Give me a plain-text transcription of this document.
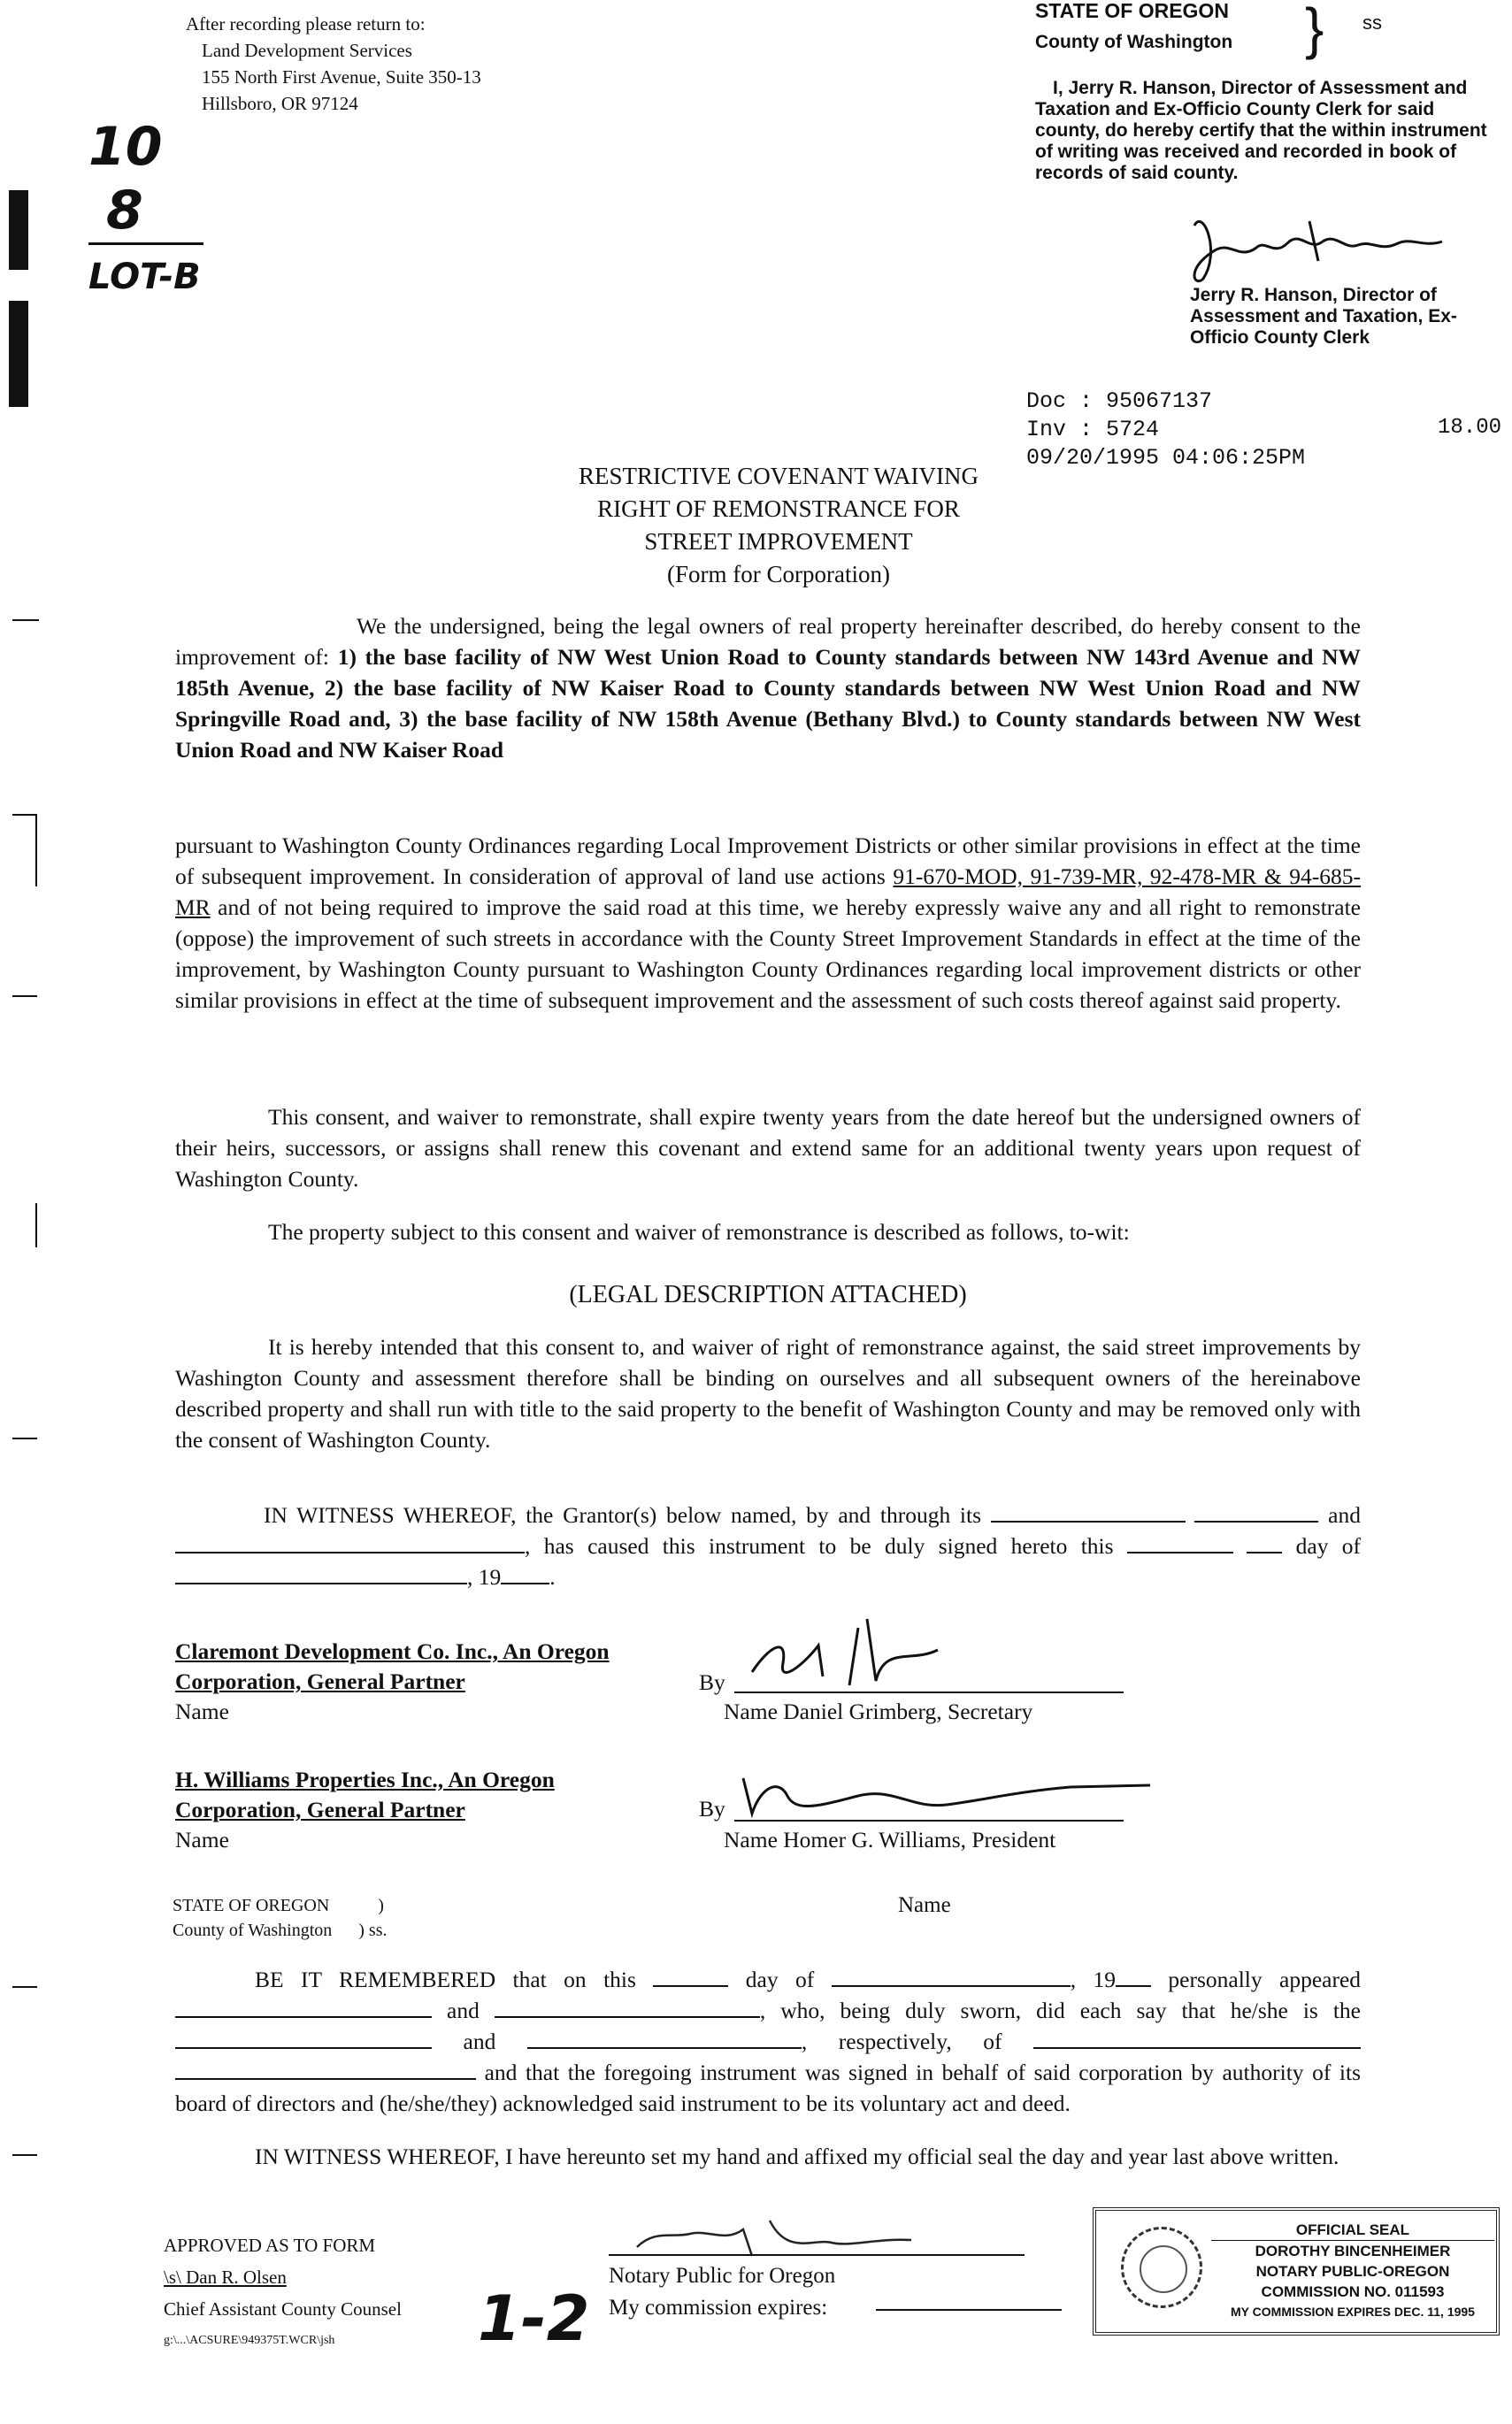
After recording please return to:
Land Development Services
155 North First Avenue, Suite 350-13
Hillsboro, OR 97124
10
8
LOT-B
STATE OF OREGON
County of Washington	} ss
I, Jerry R. Hanson, Director of Assessment and Taxation and Ex-Officio County Clerk for said county, do hereby certify that the within instrument of writing was received and recorded in book of records of said county.
Jerry R. Hanson, Director of Assessment and Taxation, Ex-Officio County Clerk
Doc : 95067137
Inv : 5724
09/20/1995 04:06:25PM
18.00
RESTRICTIVE COVENANT WAIVING
RIGHT OF REMONSTRANCE FOR
STREET IMPROVEMENT
(Form for Corporation)
We the undersigned, being the legal owners of real property hereinafter described, do hereby consent to the improvement of: 1) the base facility of NW West Union Road to County standards between NW 143rd Avenue and NW 185th Avenue, 2) the base facility of NW Kaiser Road to County standards between NW West Union Road and NW Springville Road and, 3) the base facility of NW 158th Avenue (Bethany Blvd.) to County standards between NW West Union Road and NW Kaiser Road
pursuant to Washington County Ordinances regarding Local Improvement Districts or other similar provisions in effect at the time of subsequent improvement. In consideration of approval of land use actions 91-670-MOD, 91-739-MR, 92-478-MR & 94-685-MR and of not being required to improve the said road at this time, we hereby expressly waive any and all right to remonstrate (oppose) the improvement of such streets in accordance with the County Street Improvement Standards in effect at the time of the improvement, by Washington County pursuant to Washington County Ordinances regarding local improvement districts or other similar provisions in effect at the time of subsequent improvement and the assessment of such costs thereof against said property.
This consent, and waiver to remonstrate, shall expire twenty years from the date hereof but the undersigned owners of their heirs, successors, or assigns shall renew this covenant and extend same for an additional twenty years upon request of Washington County.
The property subject to this consent and waiver of remonstrance is described as follows, to-wit:
(LEGAL DESCRIPTION ATTACHED)
It is hereby intended that this consent to, and waiver of right of remonstrance against, the said street improvements by Washington County and assessment therefore shall be binding on ourselves and all subsequent owners of the hereinabove described property and shall run with title to the said property to the benefit of Washington County and may be removed only with the consent of Washington County.
IN WITNESS WHEREOF, the Grantor(s) below named, by and through its	and , has caused this instrument to be duly signed hereto this	day of , 19 .
Claremont Development Co. Inc., An Oregon
Corporation, General Partner
Name
By
Name Daniel Grimberg, Secretary
H. Williams Properties Inc., An Oregon
Corporation, General Partner
Name
By
Name Homer G. Williams, President
STATE OF OREGON	)
County of Washington ) ss.
Name
BE IT REMEMBERED that on this	day of	, 19 personally appeared  and	, who, being duly sworn, did each say that he/she is the  and	, respectively, of   and that the foregoing instrument was signed in behalf of said corporation by authority of its board of directors and (he/she/they) acknowledged said instrument to be its voluntary act and deed.
IN WITNESS WHEREOF, I have hereunto set my hand and affixed my official seal the day and year last above written.
APPROVED AS TO FORM
\s\ Dan R. Olsen
Chief Assistant County Counsel
g:\...\ACSURE\949375T.WCR\jsh	1-2
Notary Public for Oregon
My commission expires:
OFFICIAL SEAL
DOROTHY BINCENHEIMER
NOTARY PUBLIC-OREGON
COMMISSION NO. 011593
MY COMMISSION EXPIRES DEC. 11, 1995
